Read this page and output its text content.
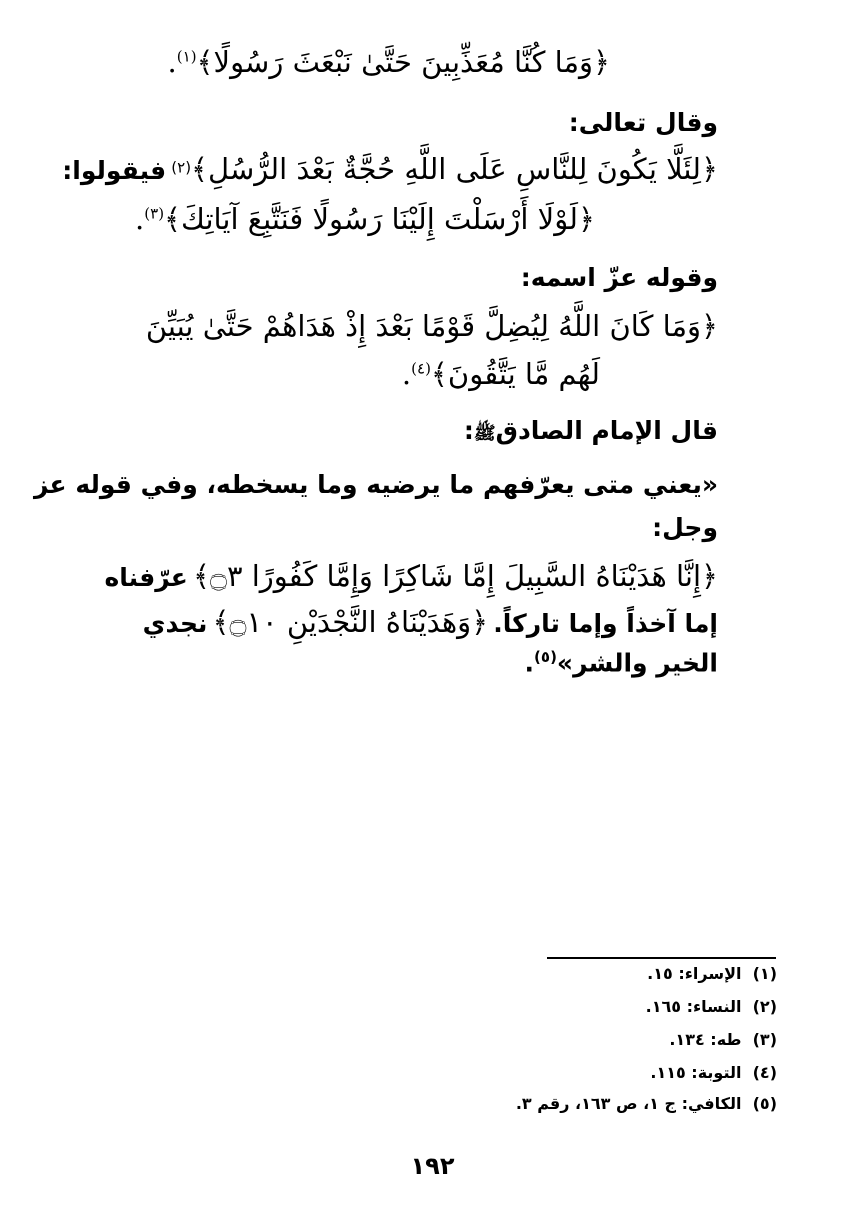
﴿وَمَا كُنَّا مُعَذِّبِينَ حَتَّىٰ نَبْعَثَ رَسُولًا﴾$^{(١)}$.
وقال تعالى:
﴿لِئَلَّا يَكُونَ لِلنَّاسِ عَلَى اللَّهِ حُجَّةٌ بَعْدَ الرُّسُلِ﴾$^{(٢)}$ فيقولوا:
﴿لَوْلَا أَرْسَلْتَ إِلَيْنَا رَسُولًا فَنَتَّبِعَ آيَاتِكَ﴾$^{(٣)}$.
وقوله عزّ اسمه:
﴿وَمَا كَانَ اللَّهُ لِيُضِلَّ قَوْمًا بَعْدَ إِذْ هَدَاهُمْ حَتَّىٰ يُبَيِّنَ
لَهُم مَّا يَتَّقُونَ﴾$^{(٤)}$.
قال الإمام الصادقﷺ:
«يعني متى يعرّفهم ما يرضيه وما يسخطه، وفي قوله عز
وجل:
﴿إِنَّا هَدَيْنَاهُ السَّبِيلَ إِمَّا شَاكِرًا وَإِمَّا كَفُورًا ۝٣﴾ عرّفناه
إما آخذاً وإما تاركاً. ﴿وَهَدَيْنَاهُ النَّجْدَيْنِ ۝١٠﴾ نجدي
الخير والشر»$^{(٥)}$.
(١)  الإسراء: ١٥.
(٢)  النساء: ١٦٥.
(٣)  طه: ١٣٤.
(٤)  التوبة: ١١٥.
(٥)  الكافي: ج ١، ص ١٦٣، رقم ٣.
١٩٢
